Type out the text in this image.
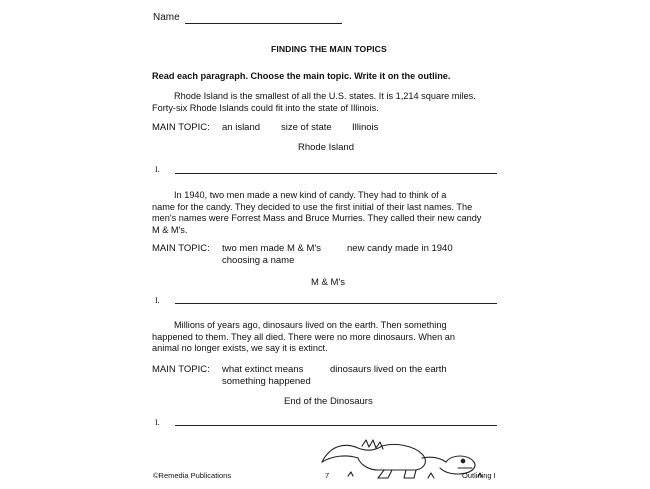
Name
FINDING THE MAIN TOPICS
Read each paragraph. Choose the main topic. Write it on the outline.
Rhode Island is the smallest of all the U.S. states. It is 1,214 square miles.
Forty-six Rhode Islands could fit into the state of Illinois.
MAIN TOPIC: an island size of state Illinois
Rhode Island
I.
In 1940, two men made a new kind of candy. They had to think of a
name for the candy. They decided to use the first initial of their last names. The
men's names were Forrest Mass and Bruce Murries. They called their new candy
M & M's.
MAIN TOPIC: two men made M & M's	new candy made in 1940
choosing a name
M & M's
I.
Millions of years ago, dinosaurs lived on the earth. Then something
happened to them. They all died. There were no more dinosaurs. When an
animal no longer exists, we say it is extinct.
MAIN TOPIC: what extinct means	dinosaurs lived on the earth
something happened
End of the Dinosaurs
I.
©Remedia Publications	7	Outlining I
